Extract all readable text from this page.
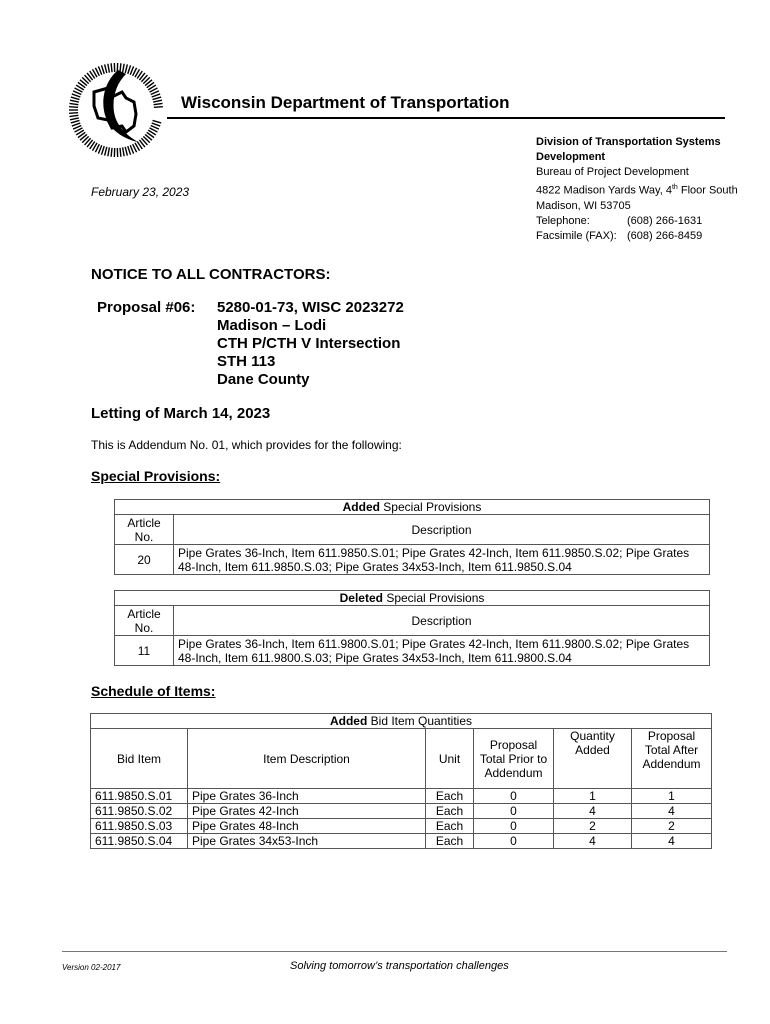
Wisconsin Department of Transportation
Division of Transportation Systems
Development
Bureau of Project Development
4822 Madison Yards Way, 4th Floor South
Madison, WI 53705
Telephone:	(608) 266-1631
Facsimile (FAX): (608) 266-8459
February 23, 2023
NOTICE TO ALL CONTRACTORS:
Proposal #06: 5280-01-73, WISC 2023272
Madison – Lodi
CTH P/CTH V Intersection
STH 113
Dane County
Letting of March 14, 2023
This is Addendum No. 01, which provides for the following:
Special Provisions:
Added Special Provisions	
Article No.	Description
20	Pipe Grates 36-Inch, Item 611.9850.S.01; Pipe Grates 42-Inch, Item 611.9850.S.02; Pipe Grates 48-Inch, Item 611.9850.S.03; Pipe Grates 34x53-Inch, Item 611.9850.S.04
Deleted Special Provisions	
Article No.	Description
11	Pipe Grates 36-Inch, Item 611.9800.S.01; Pipe Grates 42-Inch, Item 611.9800.S.02; Pipe Grates 48-Inch, Item 611.9800.S.03; Pipe Grates 34x53-Inch, Item 611.9800.S.04
Schedule of Items:
Added Bid Item Quantities					
Bid Item	Item Description	Unit	Proposal Total Prior to Addendum	Quantity Added	Proposal Total After Addendum
611.9850.S.01	Pipe Grates 36-Inch	Each	0	1	1
611.9850.S.02	Pipe Grates 42-Inch	Each	0	4	4
611.9850.S.03	Pipe Grates 48-Inch	Each	0	2	2
611.9850.S.04	Pipe Grates 34x53-Inch	Each	0	4	4
Version 02-2017	Solving tomorrow’s transportation challenges
